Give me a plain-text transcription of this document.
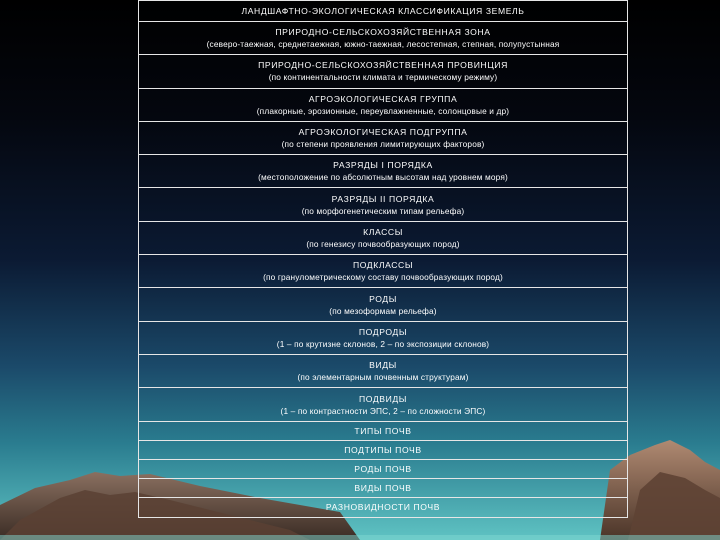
ЛАНДШАФТНО-ЭКОЛОГИЧЕСКАЯ КЛАССИФИКАЦИЯ ЗЕМЕЛЬ
ПРИРОДНО-СЕЛЬСКОХОЗЯЙСТВЕННАЯ ЗОНА
(северо-таежная, среднетаежная, южно-таежная, лесостепная, степная, полупустынная
ПРИРОДНО-СЕЛЬСКОХОЗЯЙСТВЕННАЯ ПРОВИНЦИЯ
(по континентальности климата и термическому режиму)
АГРОЭКОЛОГИЧЕСКАЯ ГРУППА
(плакорные, эрозионные, переувлажненные, солонцовые и др)
АГРОЭКОЛОГИЧЕСКАЯ ПОДГРУППА
(по степени проявления лимитирующих факторов)
РАЗРЯДЫ I ПОРЯДКА
(местоположение по абсолютным высотам над уровнем моря)
РАЗРЯДЫ II ПОРЯДКА
(по морфогенетическим типам рельефа)
КЛАССЫ
(по генезису почвообразующих пород)
ПОДКЛАССЫ
(по гранулометрическому составу почвообразующих пород)
РОДЫ
(по мезоформам рельефа)
ПОДРОДЫ
(1 – по крутизне склонов, 2 – по экспозиции склонов)
ВИДЫ
(по элементарным почвенным структурам)
ПОДВИДЫ
(1 – по контрастности ЭПС, 2 – по сложности ЭПС)
ТИПЫ ПОЧВ
ПОДТИПЫ ПОЧВ
РОДЫ ПОЧВ
ВИДЫ ПОЧВ
РАЗНОВИДНОСТИ ПОЧВ
